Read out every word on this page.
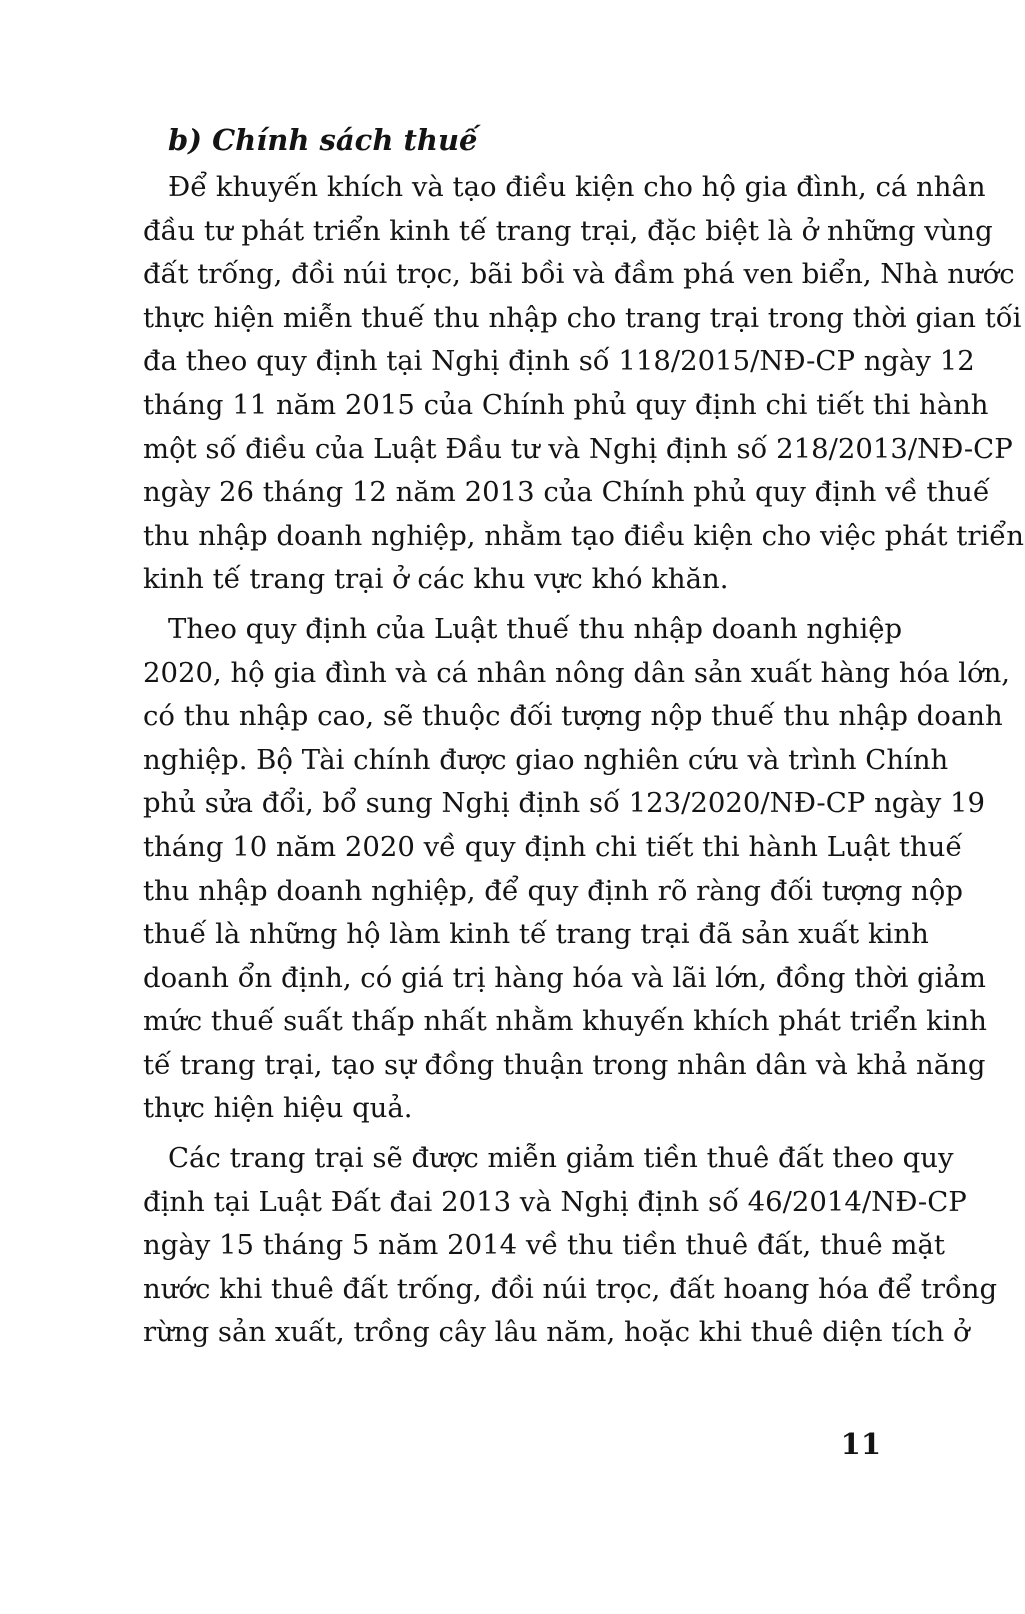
b) Chính sách thuế
Để khuyến khích và tạo điều kiện cho hộ gia đình, cá nhân
đầu tư phát triển kinh tế trang trại, đặc biệt là ở những vùng
đất trống, đồi núi trọc, bãi bồi và đầm phá ven biển, Nhà nước
thực hiện miễn thuế thu nhập cho trang trại trong thời gian tối
đa theo quy định tại Nghị định số 118/2015/NĐ-CP ngày 12
tháng 11 năm 2015 của Chính phủ quy định chi tiết thi hành
một số điều của Luật Đầu tư và Nghị định số 218/2013/NĐ-CP
ngày 26 tháng 12 năm 2013 của Chính phủ quy định về thuế
thu nhập doanh nghiệp, nhằm tạo điều kiện cho việc phát triển
kinh tế trang trại ở các khu vực khó khăn.
Theo quy định của Luật thuế thu nhập doanh nghiệp
2020, hộ gia đình và cá nhân nông dân sản xuất hàng hóa lớn,
có thu nhập cao, sẽ thuộc đối tượng nộp thuế thu nhập doanh
nghiệp. Bộ Tài chính được giao nghiên cứu và trình Chính
phủ sửa đổi, bổ sung Nghị định số 123/2020/NĐ-CP ngày 19
tháng 10 năm 2020 về quy định chi tiết thi hành Luật thuế
thu nhập doanh nghiệp, để quy định rõ ràng đối tượng nộp
thuế là những hộ làm kinh tế trang trại đã sản xuất kinh
doanh ổn định, có giá trị hàng hóa và lãi lớn, đồng thời giảm
mức thuế suất thấp nhất nhằm khuyến khích phát triển kinh
tế trang trại, tạo sự đồng thuận trong nhân dân và khả năng
thực hiện hiệu quả.
Các trang trại sẽ được miễn giảm tiền thuê đất theo quy
định tại Luật Đất đai 2013 và Nghị định số 46/2014/NĐ-CP
ngày 15 tháng 5 năm 2014 về thu tiền thuê đất, thuê mặt
nước khi thuê đất trống, đồi núi trọc, đất hoang hóa để trồng
rừng sản xuất, trồng cây lâu năm, hoặc khi thuê diện tích ở
11
